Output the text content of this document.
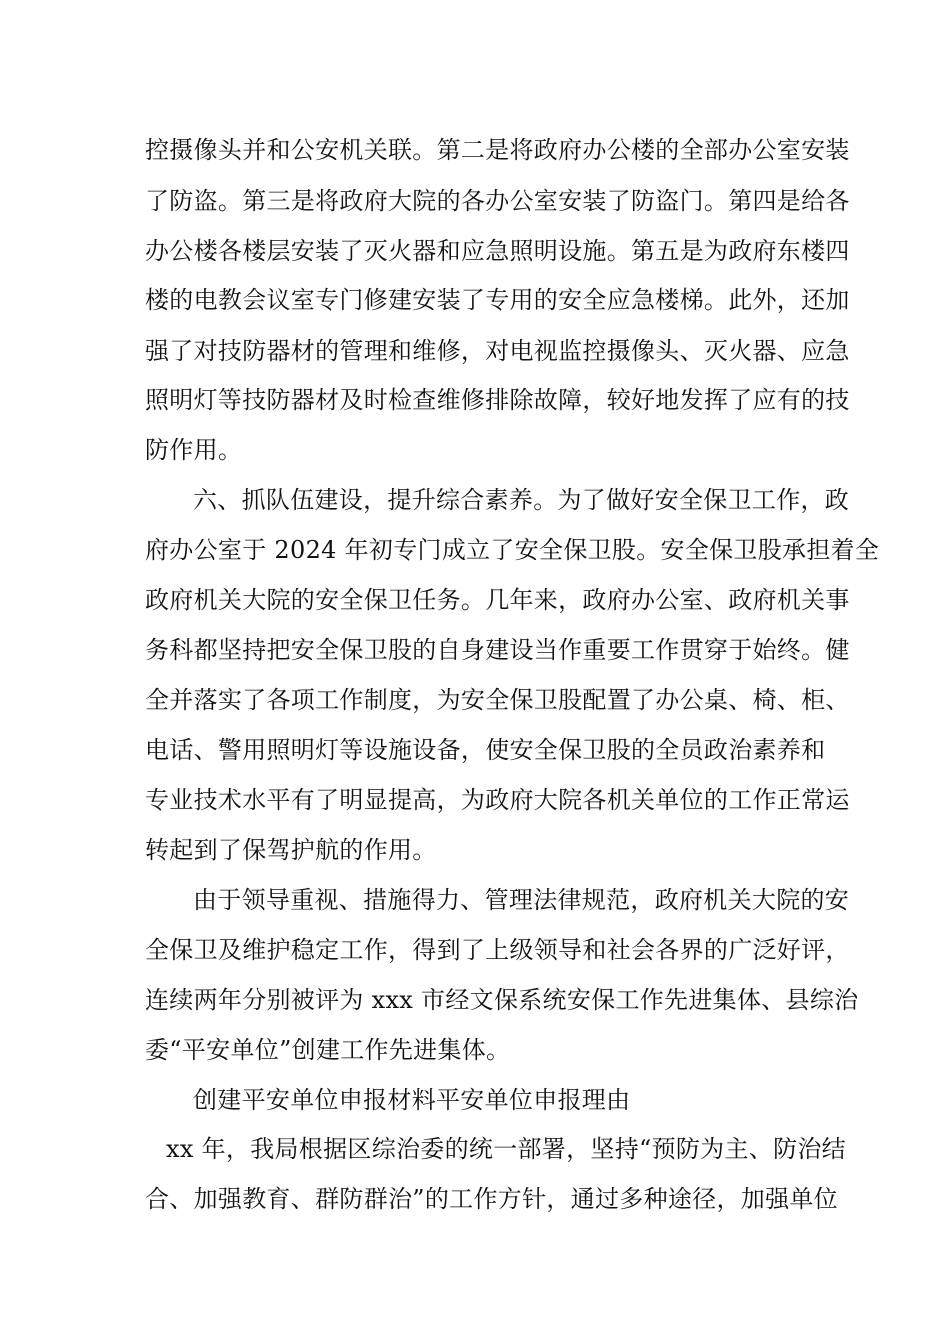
控摄像头并和公安机关联。第二是将政府办公楼的全部办公室安装
了防盗。第三是将政府大院的各办公室安装了防盗门。第四是给各
办公楼各楼层安装了灭火器和应急照明设施。第五是为政府东楼四
楼的电教会议室专门修建安装了专用的安全应急楼梯。此外，还加
强了对技防器材的管理和维修，对电视监控摄像头、灭火器、应急
照明灯等技防器材及时检查维修排除故障，较好地发挥了应有的技
防作用。
六、抓队伍建设，提升综合素养。为了做好安全保卫工作，政
府办公室于 2024 年初专门成立了安全保卫股。安全保卫股承担着全
政府机关大院的安全保卫任务。几年来，政府办公室、政府机关事
务科都坚持把安全保卫股的自身建设当作重要工作贯穿于始终。健
全并落实了各项工作制度，为安全保卫股配置了办公桌、椅、柜、
电话、警用照明灯等设施设备，使安全保卫股的全员政治素养和
专业技术水平有了明显提高，为政府大院各机关单位的工作正常运
转起到了保驾护航的作用。
由于领导重视、措施得力、管理法律规范，政府机关大院的安
全保卫及维护稳定工作，得到了上级领导和社会各界的广泛好评，
连续两年分别被评为 xxx 市经文保系统安保工作先进集体、县综治
委“平安单位”创建工作先进集体。
创建平安单位申报材料平安单位申报理由
xx 年，我局根据区综治委的统一部署，坚持“预防为主、防治结
合、加强教育、群防群治”的工作方针，通过多种途径，加强单位
